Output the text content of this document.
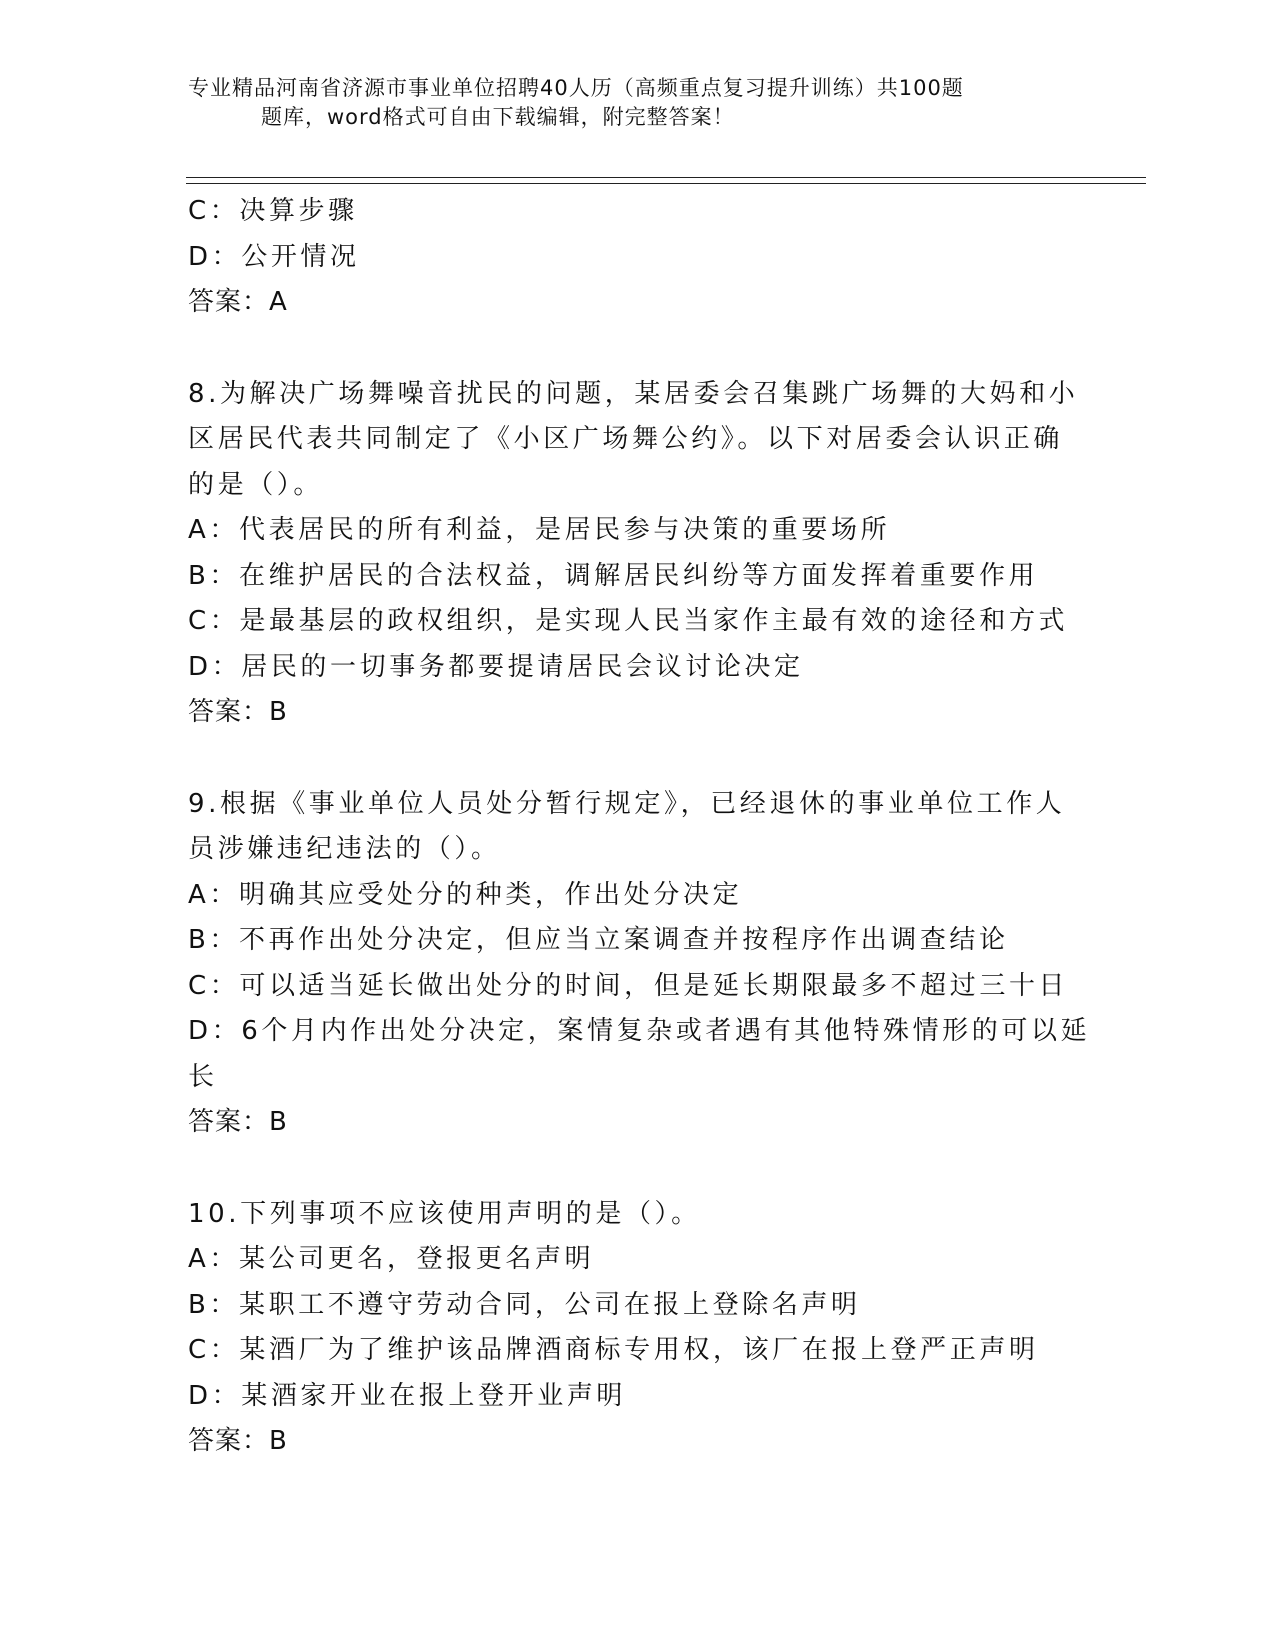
专业精品河南省济源市事业单位招聘40人历（高频重点复习提升训练）共100题
题库，word格式可自由下载编辑，附完整答案！
C：决算步骤
D：公开情况
答案：A
8.为解决广场舞噪音扰民的问题，某居委会召集跳广场舞的大妈和小
区居民代表共同制定了《小区广场舞公约》。以下对居委会认识正确
的是（）。
A：代表居民的所有利益，是居民参与决策的重要场所
B：在维护居民的合法权益，调解居民纠纷等方面发挥着重要作用
C：是最基层的政权组织，是实现人民当家作主最有效的途径和方式
D：居民的一切事务都要提请居民会议讨论决定
答案：B
9.根据《事业单位人员处分暂行规定》，已经退休的事业单位工作人
员涉嫌违纪违法的（）。
A：明确其应受处分的种类，作出处分决定
B：不再作出处分决定，但应当立案调查并按程序作出调查结论
C：可以适当延长做出处分的时间，但是延长期限最多不超过三十日
D：6个月内作出处分决定，案情复杂或者遇有其他特殊情形的可以延
长
答案：B
10.下列事项不应该使用声明的是（）。
A：某公司更名，登报更名声明
B：某职工不遵守劳动合同，公司在报上登除名声明
C：某酒厂为了维护该品牌酒商标专用权，该厂在报上登严正声明
D：某酒家开业在报上登开业声明
答案：B
